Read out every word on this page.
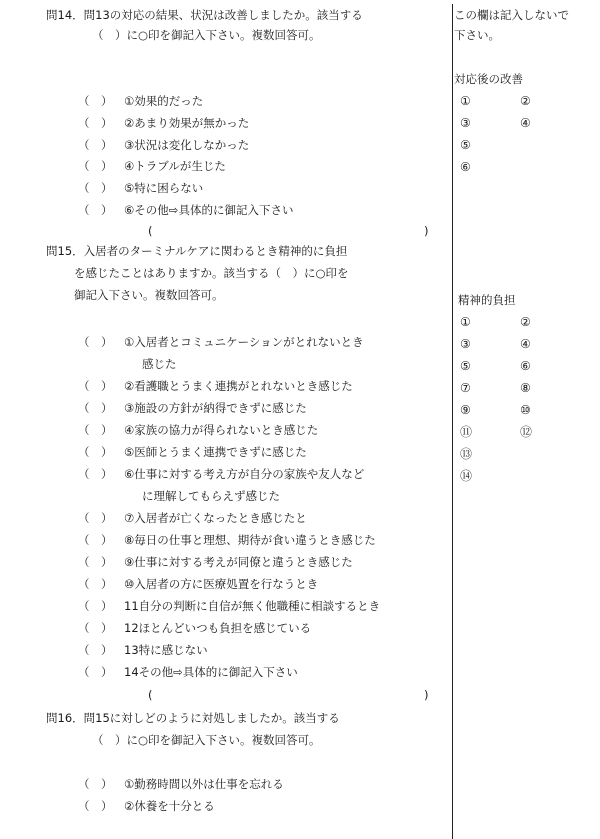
この欄は記入しないで
下さい。
問14．問13の対応の結果、状況は改善しましたか。該当する
（　）に○印を御記入下さい。複数回答可。
（　） ①効果的だった
（　） ②あまり効果が無かった
（　） ③状況は変化しなかった
（　） ④トラブルが生じた
（　） ⑤特に困らない
（　） ⑥その他⇨具体的に御記入下さい
(	)
対応後の改善
①	②
③	④
⑤
⑥
問15．入居者のターミナルケアに関わるとき精神的に負担
を感じたことはありますか。該当する（　）に○印を
御記入下さい。複数回答可。
（　） ①入居者とコミュニケーションがとれないとき
感じた
（　） ②看護職とうまく連携がとれないとき感じた
（　） ③施設の方針が納得できずに感じた
（　） ④家族の協力が得られないとき感じた
（　） ⑤医師とうまく連携できずに感じた
（　） ⑥仕事に対する考え方が自分の家族や友人など
に理解してもらえず感じた
（　） ⑦入居者が亡くなったとき感じたと
（　） ⑧毎日の仕事と理想、期待が食い違うとき感じた
（　） ⑨仕事に対する考えが同僚と違うとき感じた
（　） ⑩入居者の方に医療処置を行なうとき
（　） 11自分の判断に自信が無く他職種に相談するとき
（　） 12ほとんどいつも負担を感じている
（　） 13特に感じない
（　） 14その他⇨具体的に御記入下さい
(	)
精神的負担
①	②
③	④
⑤	⑥
⑦	⑧
⑨	⑩
⑪	⑫
⑬
⑭
問16．問15に対しどのように対処しましたか。該当する
（　）に○印を御記入下さい。複数回答可。
（　） ①勤務時間以外は仕事を忘れる
（　） ②休養を十分とる
